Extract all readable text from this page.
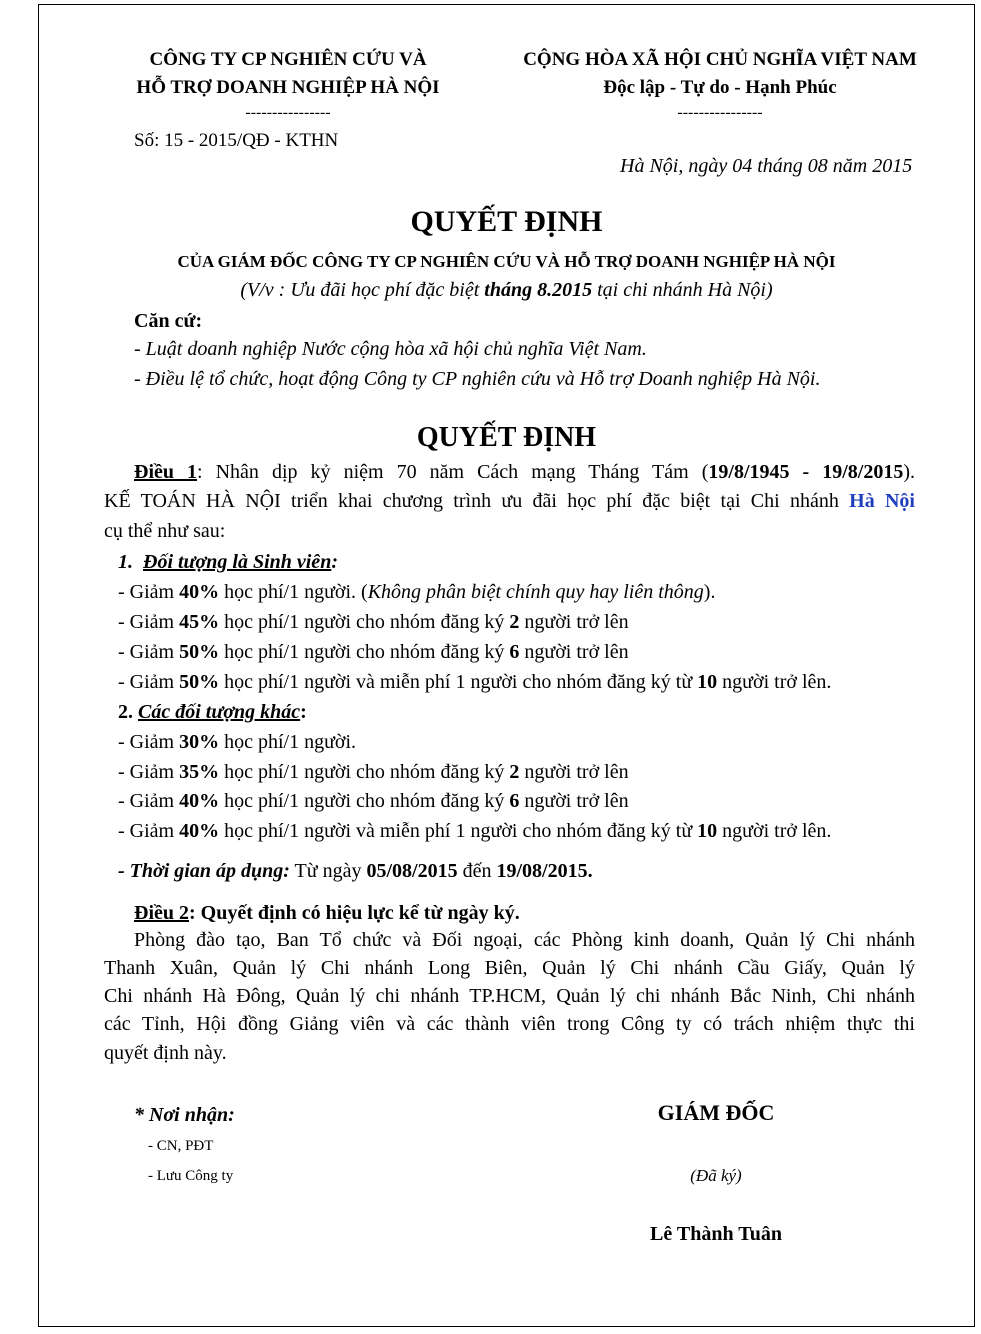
CÔNG TY CP NGHIÊN CỨU VÀ

HỖ TRỢ DOANH NGHIỆP HÀ NỘI

----------------

Số: 15 - 2015/QĐ - KTHN

CỘNG HÒA XÃ HỘI CHỦ NGHĨA VIỆT NAM

Độc lập - Tự do - Hạnh Phúc

----------------

Hà Nội, ngày 04 tháng 08 năm 2015

QUYẾT ĐỊNH

CỦA GIÁM ĐỐC CÔNG TY CP NGHIÊN CỨU VÀ HỖ TRỢ DOANH NGHIỆP HÀ NỘI

(V/v : Ưu đãi học phí đặc biệt tháng 8.2015 tại chi nhánh Hà Nội)

Căn cứ:

- Luật doanh nghiệp Nước cộng hòa xã hội chủ nghĩa Việt Nam.

- Điều lệ tổ chức, hoạt động Công ty CP nghiên cứu và Hỗ trợ Doanh nghiệp Hà Nội.

QUYẾT ĐỊNH

Điều 1: Nhân dịp kỷ niệm 70 năm Cách mạng Tháng Tám (19/8/1945 - 19/8/2015).

KẾ TOÁN HÀ NỘI triển khai chương trình ưu đãi học phí đặc biệt tại Chi nhánh Hà Nội

cụ thể như sau:

1. Đối tượng là Sinh viên:

- Giảm 40% học phí/1 người. (Không phân biệt chính quy hay liên thông).

- Giảm 45% học phí/1 người cho nhóm đăng ký 2 người trở lên

- Giảm 50% học phí/1 người cho nhóm đăng ký 6 người trở lên

- Giảm 50% học phí/1 người và miễn phí 1 người cho nhóm đăng ký từ 10 người trở lên.

2. Các đối tượng khác:

- Giảm 30% học phí/1 người.

- Giảm 35% học phí/1 người cho nhóm đăng ký 2 người trở lên

- Giảm 40% học phí/1 người cho nhóm đăng ký 6 người trở lên

- Giảm 40% học phí/1 người và miễn phí 1 người cho nhóm đăng ký từ 10 người trở lên.

- Thời gian áp dụng: Từ ngày 05/08/2015 đến 19/08/2015.

Điều 2: Quyết định có hiệu lực kể từ ngày ký.

Phòng đào tạo, Ban Tổ chức và Đối ngoại, các Phòng kinh doanh, Quản lý Chi nhánh

Thanh Xuân, Quản lý Chi nhánh Long Biên, Quản lý Chi nhánh Cầu Giấy, Quản lý

Chi nhánh Hà Đông, Quản lý chi nhánh TP.HCM, Quản lý chi nhánh Bắc Ninh, Chi nhánh

các Tỉnh, Hội đồng Giảng viên và các thành viên trong Công ty có trách nhiệm thực thi

quyết định này.

* Nơi nhận:

- CN, PĐT

- Lưu Công ty

GIÁM ĐỐC

(Đã ký)

Lê Thành Tuân
